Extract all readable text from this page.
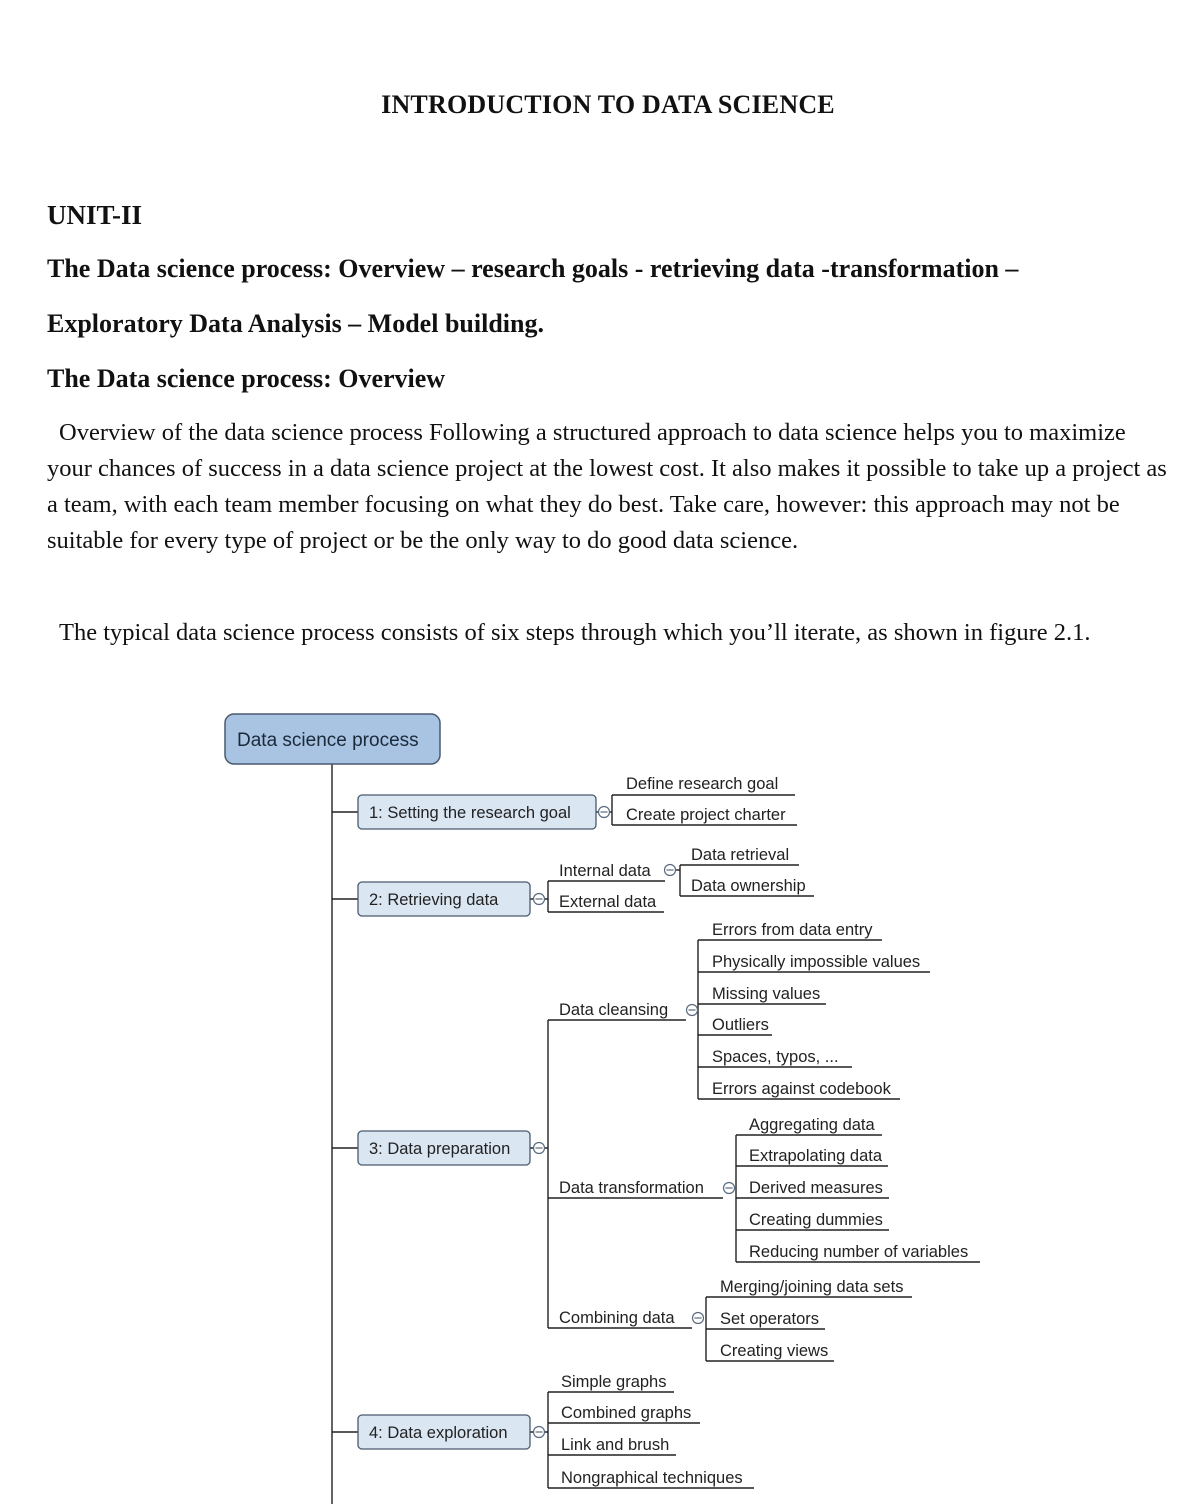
INTRODUCTION TO DATA SCIENCE
UNIT-II
The Data science process: Overview – research goals - retrieving data -transformation –
Exploratory Data Analysis – Model building.
The Data science process: Overview

Overview of the data science process Following a structured approach to data science helps you to maximize your chances of success in a data science project at the lowest cost. It also makes it possible to take up a project as a team, with each team member focusing on what they do best. Take care, however: this approach may not be suitable for every type of project or be the only way to do good data science.

The typical data science process consists of six steps through which you’ll iterate, as shown in figure 2.1.

Data science process
1: Setting the research goal
2: Retrieving data
3: Data preparation
4: Data exploration
Define research goal
Create project charter
Internal data
External data
Data retrieval
Data ownership
Data cleansing
Data transformation
Combining data
Errors from data entry
Physically impossible values
Missing values
Outliers
Spaces, typos, ...
Errors against codebook
Aggregating data
Extrapolating data
Derived measures
Creating dummies
Reducing number of variables
Merging/joining data sets
Set operators
Creating views
Simple graphs
Combined graphs
Link and brush
Nongraphical techniques
